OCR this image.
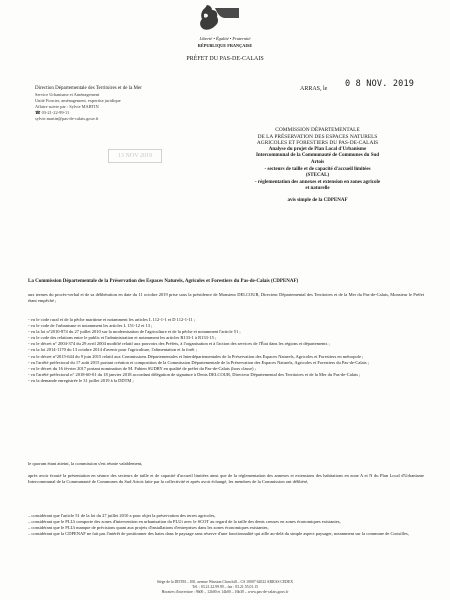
Liberté • Égalité • Fraternité
RÉPUBLIQUE FRANÇAISE
PRÉFET DU PAS-DE-CALAIS
Direction Départementale des Territoires et de la Mer
Service Urbanisme et Aménagement
Unité Foncier, aménagement, expertise juridique
Affaire suivie par : Sylvie MARTIN
☎ 03-21-22-99-11
sylvie.martin@pas-de-calais.gouv.fr
ARRAS, le 0 8 NOV. 2019
13 NOV 2019
COMMISSION DÉPARTEMENTALE
DE LA PRÉSERVATION DES ESPACES NATURELS
AGRICOLES ET FORESTIERS DU PAS-DE-CALAIS
Analyse du projet de Plan Local d'Urbanisme
Intercommunal de la Communauté de Communes du Sud
Artois
- secteurs de taille et de capacité d'accueil limitées
(STECAL)
- réglementation des annexes et extension en zones agricole
et naturelle
avis simple de la CDPENAF
La Commission Départementale de la Préservation des Espaces Naturels, Agricoles et Forestiers du Pas-de-Calais (CDPENAF)
aux termes du procès-verbal et de sa délibération en date du 11 octobre 2019 prise sous la présidence de Monsieur DELCOUR, Directeur Départemental des Territoires et de la Mer du Pas-de-Calais, Monsieur le Préfet étant empêché ;
- vu le code rural et de la pêche maritime et notamment les articles L 112-1-1 et D 112-1-11 ;
- vu le code de l'urbanisme et notamment les articles L 151-12 et 13 ;
- vu la loi n°2010-874 du 27 juillet 2010 sur la modernisation de l'agriculture et de la pêche et notamment l'article 51 ;
- vu le code des relations entre le public et l'administration et notamment les articles R133-1 à R133-15 ;
- vu le décret n° 2004-374 du 29 avril 2004 modifié relatif aux pouvoirs des Préfets, à l'organisation et à l'action des services de l'État dans les régions et départements ;
- vu la loi 2014-1170 du 13 octobre 2014 d'avenir pour l'agriculture, l'alimentation et la forêt ;
- vu le décret n°2015-644 du 9 juin 2015 relatif aux Commissions Départementales et Interdépartementales de la Préservation des Espaces Naturels, Agricoles et Forestiers en métropole ;
- vu l'arrêté préfectoral du 17 août 2015 portant création et composition de la Commission Départementale de la Préservation des Espaces Naturels, Agricoles et Forestiers du Pas-de-Calais ;
- vu le décret du 16 février 2017 portant nomination de M. Fabien SUDRY en qualité de préfet du Pas-de-Calais (hors classe) ;
- vu l'arrêté préfectoral n° 2018-60-01 du 18 janvier 2018 accordant délégation de signature à Denis DELCOUR, Directeur Départemental des Territoires et de la Mer du Pas-de-Calais ;
- vu la demande enregistrée le 31 juillet 2019 à la DDTM ;
le quorum étant atteint, la commission s'est réunie valablement,
après avoir écouté la présentation en séance des secteurs de taille et de capacité d'accueil limitées ainsi que de la réglementation des annexes et extensions des habitations en zone A et N du Plan Local d'Urbanisme Intercommunal de la Communauté de Communes du Sud Artois faite par la collectivité et après avoir échangé, les membres de la Commission ont délibéré,
– considérant que l'article 51 de la loi du 27 juillet 2010 a pour objet la préservation des terres agricoles,
– considérant que le PLUi comporte des zones d'intervention en urbanisation du PLUi avec le SCOT au regard de la taille des dents creuses en zones économiques existantes,
– considérant que le PLUi manque de précisions quant aux projets d'installations d'entreprises dans les zones économiques existantes,
– considérant que la CDPENAF ne fait pas l'intérêt de positionner des haies dans le paysage sans réserve d'une fonctionnalité qui aille au-delà du simple aspect paysager, notamment sur la commune de Croisilles,
Siège de la DDTM – 100, avenue Winston Churchill – CS 10007 62022 ARRAS CEDEX
Tél. : 03.21.22.99.99 – fax : 03.21.55.01.15
Horaires d'ouverture : 9h00 – 12h00 et 14h00 – 16h30 – www.pas-de-calais.gouv.fr
